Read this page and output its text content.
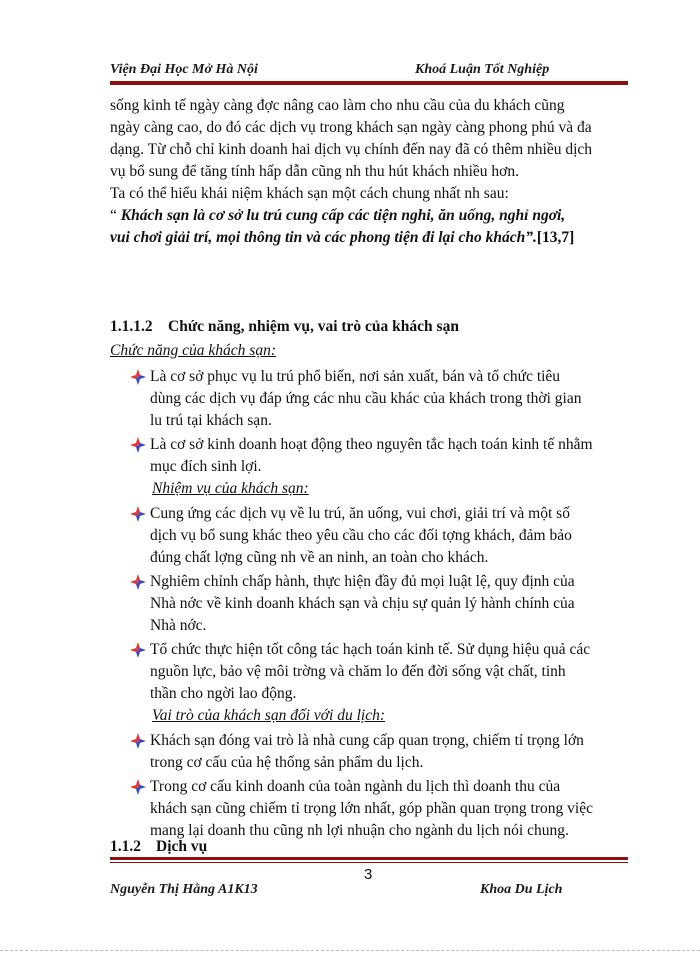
Viện Đại Học Mở Hà Nội	Khoá Luận Tốt Nghiệp

sống kinh tế ngày càng đợc nâng cao làm cho nhu cầu của du khách cũng

ngày càng cao, do đó các dịch vụ trong khách sạn ngày càng phong phú và đa

dạng. Từ chỗ chỉ kinh doanh hai dịch vụ chính đến nay đã có thêm nhiều dịch

vụ bổ sung để tăng tính hấp dẫn cũng nh thu hút khách nhiều hơn.

Ta có thể hiểu khái niệm khách sạn một cách chung nhất nh sau:

“ Khách sạn là cơ sở lu trú cung cấp các tiện nghi, ăn uống, nghỉ ngơi,

vui chơi giải trí, mọi thông tin và các phong tiện đi lại cho khách”.[13,7]

1.1.1.2 Chức năng, nhiệm vụ, vai trò của khách sạn
Chức năng của khách sạn:
Là cơ sở phục vụ lu trú phổ biến, nơi sản xuất, bán và tổ chức tiêu
dùng các dịch vụ đáp ứng các nhu cầu khác của khách trong thời gian
lu trú tại khách sạn.
Là cơ sở kinh doanh hoạt động theo nguyên tắc hạch toán kinh tế nhằm
mục đích sinh lợi.
Nhiệm vụ của khách sạn:
Cung ứng các dịch vụ về lu trú, ăn uống, vui chơi, giải trí và một số
dịch vụ bổ sung khác theo yêu cầu cho các đối tợng khách, đảm bảo
đúng chất lợng cũng nh về an ninh, an toàn cho khách.
Nghiêm chỉnh chấp hành, thực hiện đầy đủ mọi luật lệ, quy định của
Nhà nớc về kinh doanh khách sạn và chịu sự quản lý hành chính của
Nhà nớc.
Tổ chức thực hiện tốt công tác hạch toán kinh tế. Sử dụng hiệu quả các
nguồn lực, bảo vệ môi trờng và chăm lo đến đời sống vật chất, tinh
thần cho ngời lao động.
Vai trò của khách sạn đối với du lịch:
Khách sạn đóng vai trò là nhà cung cấp quan trọng, chiếm tỉ trọng lớn
trong cơ cấu của hệ thống sản phẩm du lịch.
Trong cơ cấu kinh doanh của toàn ngành du lịch thì doanh thu của
khách sạn cũng chiếm tỉ trọng lớn nhất, góp phần quan trọng trong việc
mang lại doanh thu cũng nh lợi nhuận cho ngành du lịch nói chung.
1.1.2 Dịch vụ
3
Nguyễn Thị Hằng A1K13	Khoa Du Lịch
